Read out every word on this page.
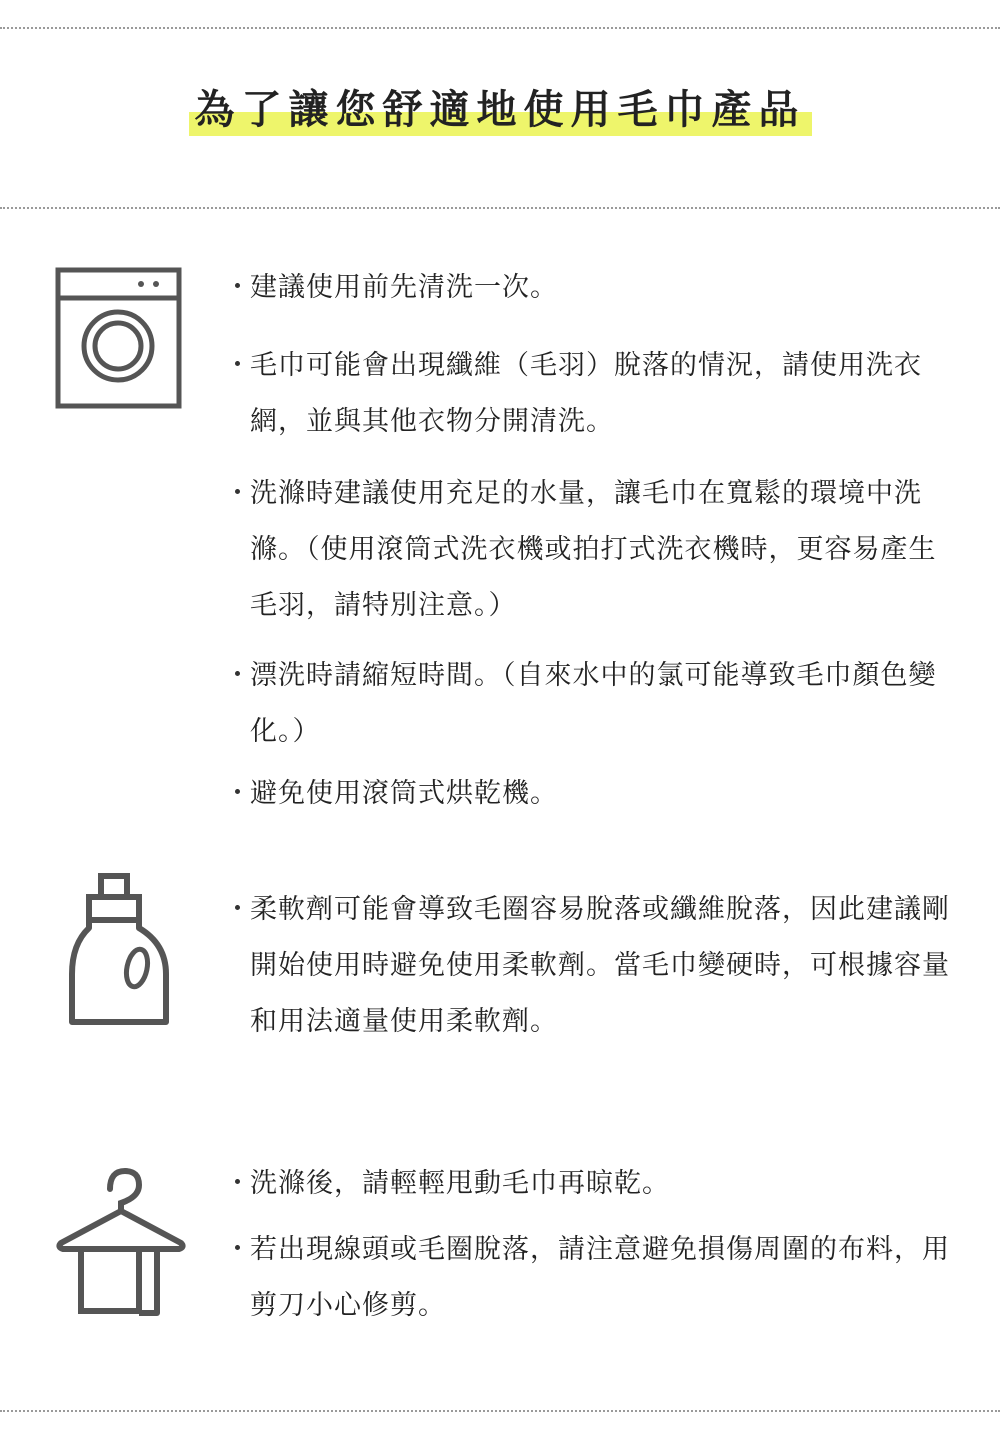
為了讓您舒適地使用毛巾產品
・
建議使用前先清洗一次。
・
毛巾可能會出現纖維（毛羽）脫落的情況，請使用洗衣網，並與其他衣物分開清洗。
・
洗滌時建議使用充足的水量，讓毛巾在寬鬆的環境中洗滌。（使用滾筒式洗衣機或拍打式洗衣機時，更容易產生毛羽，請特別注意。）
・
漂洗時請縮短時間。（自來水中的氯可能導致毛巾顏色變化。）
・
避免使用滾筒式烘乾機。
・
柔軟劑可能會導致毛圈容易脫落或纖維脫落，因此建議剛開始使用時避免使用柔軟劑。當毛巾變硬時，可根據容量和用法適量使用柔軟劑。
・
洗滌後，請輕輕甩動毛巾再晾乾。
・
若出現線頭或毛圈脫落，請注意避免損傷周圍的布料，用剪刀小心修剪。
